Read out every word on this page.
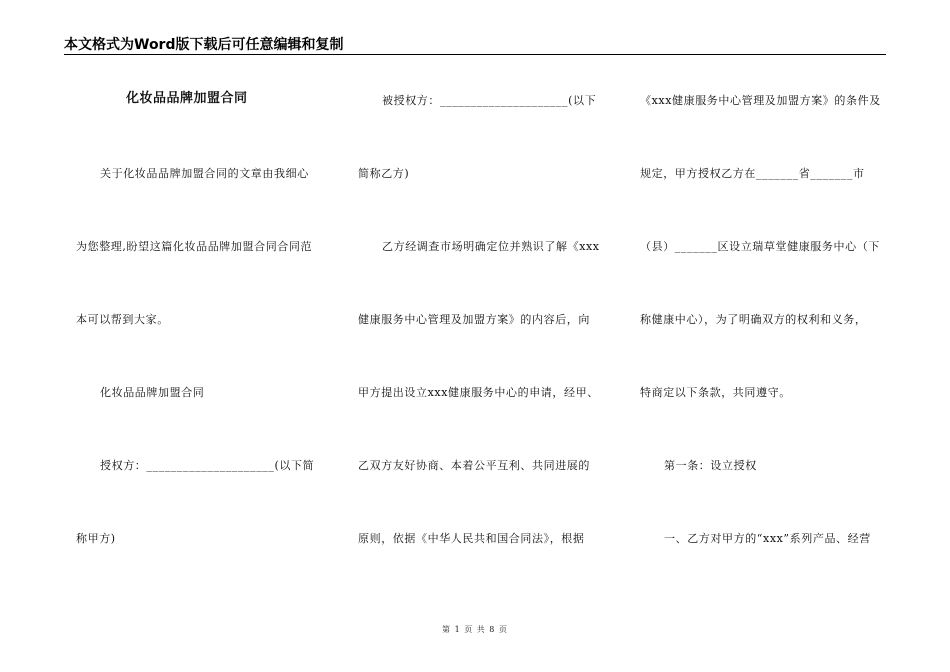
本文格式为Word版下载后可任意编辑和复制
化妆品品牌加盟合同
关于化妆品品牌加盟合同的文章由我细心
为您整理,盼望这篇化妆品品牌加盟合同合同范
本可以帮到大家。
化妆品品牌加盟合同
授权方：_____________________(以下简
称甲方)
被授权方：_____________________(以下
简称乙方)
乙方经调查市场明确定位并熟识了解《xxx
健康服务中心管理及加盟方案》的内容后，向
甲方提出设立xxx健康服务中心的申请，经甲、
乙双方友好协商、本着公平互利、共同进展的
原则，依据《中华人民共和国合同法》，根据
《xxx健康服务中心管理及加盟方案》的条件及
规定，甲方授权乙方在_______省_______市
（县）_______区设立瑞草堂健康服务中心（下
称健康中心），为了明确双方的权利和义务，
特商定以下条款，共同遵守。
第一条：设立授权
一、乙方对甲方的“xxx”系列产品、经营
第 1 页 共 8 页
